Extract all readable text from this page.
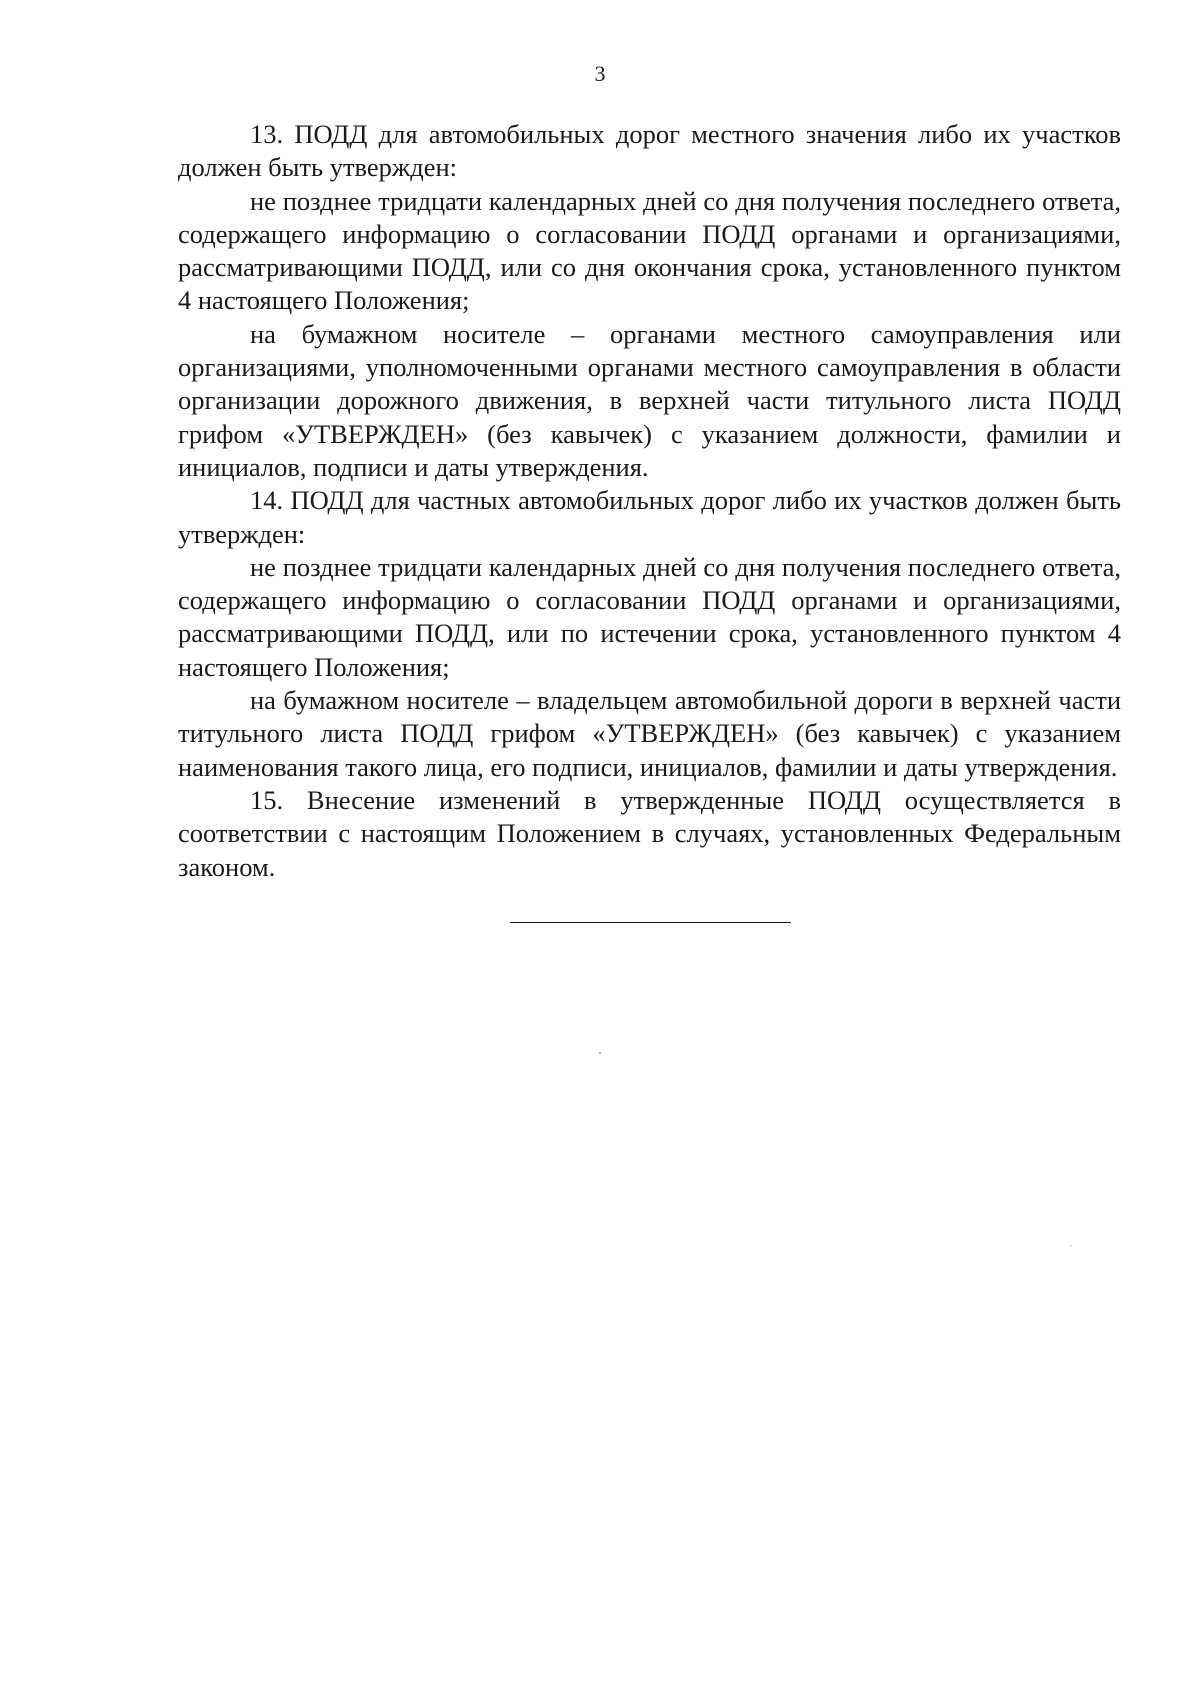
3

13. ПОДД для автомобильных дорог местного значения либо их участков должен быть утвержден:

не позднее тридцати календарных дней со дня получения последнего ответа, содержащего информацию о согласовании ПОДД органами и организациями, рассматривающими ПОДД, или со дня окончания срока, установленного пунктом 4 настоящего Положения;

на бумажном носителе – органами местного самоуправления или организациями, уполномоченными органами местного самоуправления в области организации дорожного движения, в верхней части титульного листа ПОДД грифом «УТВЕРЖДЕН» (без кавычек) с указанием должности, фамилии и инициалов, подписи и даты утверждения.

14. ПОДД для частных автомобильных дорог либо их участков должен быть утвержден:

не позднее тридцати календарных дней со дня получения последнего ответа, содержащего информацию о согласовании ПОДД органами и организациями, рассматривающими ПОДД, или по истечении срока, установленного пунктом 4 настоящего Положения;

на бумажном носителе – владельцем автомобильной дороги в верхней части титульного листа ПОДД грифом «УТВЕРЖДЕН» (без кавычек) с указанием наименования такого лица, его подписи, инициалов, фамилии и даты утверждения.

15. Внесение изменений в утвержденные ПОДД осуществляется в соответствии с настоящим Положением в случаях, установленных Федеральным законом.
